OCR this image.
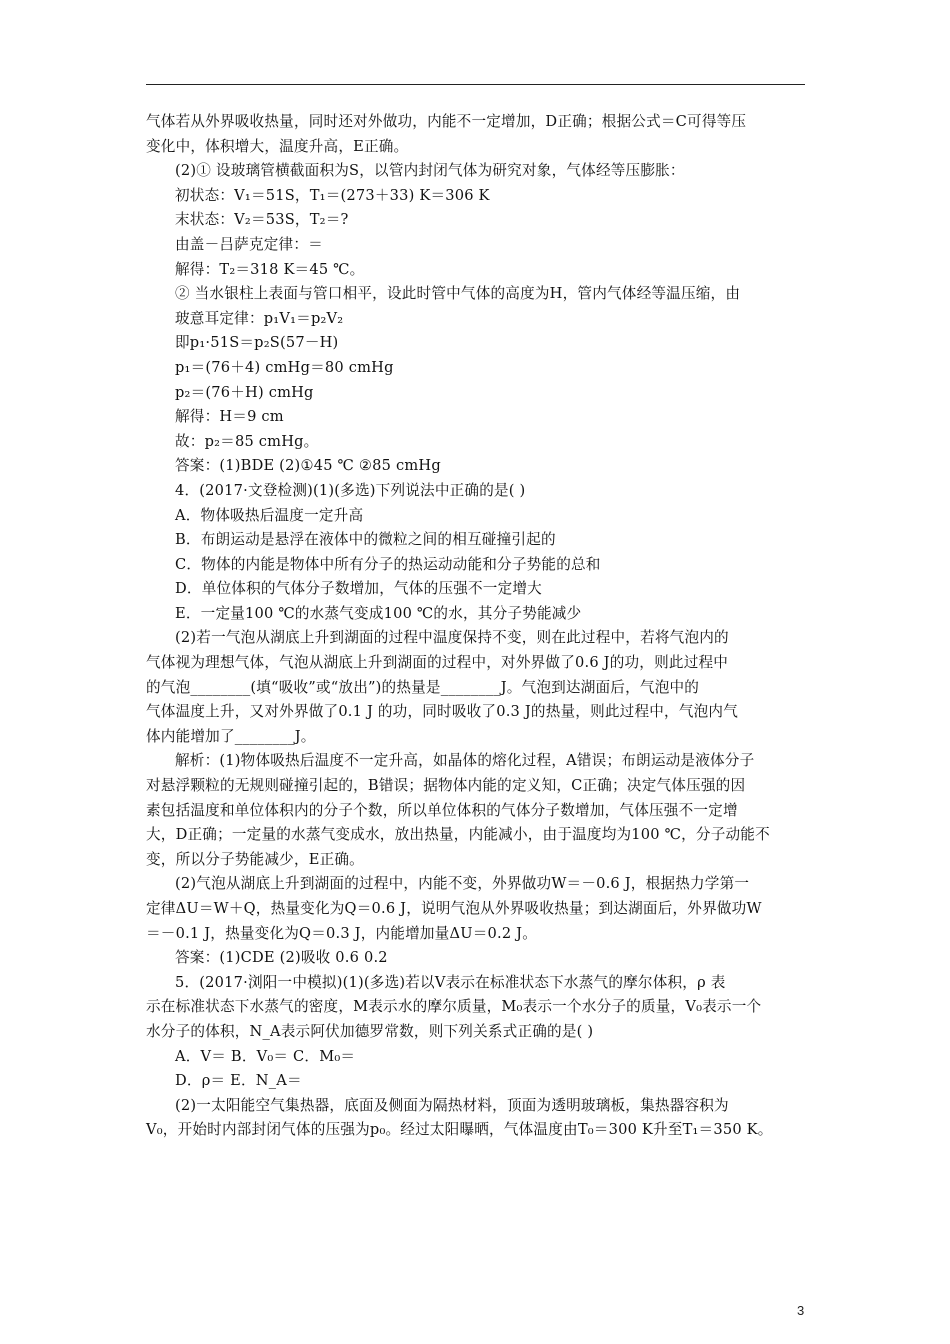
气体若从外界吸收热量，同时还对外做功，内能不一定增加，D正确；根据公式＝C可得等压
变化中，体积增大，温度升高，E正确。
(2)① 设玻璃管横截面积为S，以管内封闭气体为研究对象，气体经等压膨胀：
初状态：V₁＝51S，T₁＝(273＋33) K＝306 K
末状态：V₂＝53S，T₂＝?
由盖－吕萨克定律：＝
解得：T₂＝318 K＝45 ℃。
② 当水银柱上表面与管口相平，设此时管中气体的高度为H，管内气体经等温压缩，由
玻意耳定律：p₁V₁＝p₂V₂
即p₁·51S＝p₂S(57－H)
p₁＝(76＋4) cmHg＝80 cmHg
p₂＝(76＋H) cmHg
解得：H＝9 cm
故：p₂＝85 cmHg。
答案：(1)BDE (2)①45 ℃ ②85 cmHg
4．(2017·文登检测)(1)(多选)下列说法中正确的是( )
A．物体吸热后温度一定升高
B．布朗运动是悬浮在液体中的微粒之间的相互碰撞引起的
C．物体的内能是物体中所有分子的热运动动能和分子势能的总和
D．单位体积的气体分子数增加，气体的压强不一定增大
E．一定量100 ℃的水蒸气变成100 ℃的水，其分子势能减少
(2)若一气泡从湖底上升到湖面的过程中温度保持不变，则在此过程中，若将气泡内的
气体视为理想气体，气泡从湖底上升到湖面的过程中，对外界做了0.6 J的功，则此过程中
的气泡________(填“吸收”或“放出”)的热量是________J。气泡到达湖面后，气泡中的
气体温度上升，又对外界做了0.1 J 的功，同时吸收了0.3 J的热量，则此过程中，气泡内气
体内能增加了________J。
解析：(1)物体吸热后温度不一定升高，如晶体的熔化过程，A错误；布朗运动是液体分子
对悬浮颗粒的无规则碰撞引起的，B错误；据物体内能的定义知，C正确；决定气体压强的因
素包括温度和单位体积内的分子个数，所以单位体积的气体分子数增加，气体压强不一定增
大，D正确；一定量的水蒸气变成水，放出热量，内能减小，由于温度均为100 ℃，分子动能不
变，所以分子势能减少，E正确。
(2)气泡从湖底上升到湖面的过程中，内能不变，外界做功W＝－0.6 J，根据热力学第一
定律ΔU＝W＋Q，热量变化为Q＝0.6 J，说明气泡从外界吸收热量；到达湖面后，外界做功W
＝－0.1 J，热量变化为Q＝0.3 J，内能增加量ΔU＝0.2 J。
答案：(1)CDE (2)吸收 0.6 0.2
5．(2017·浏阳一中模拟)(1)(多选)若以V表示在标准状态下水蒸气的摩尔体积，ρ 表
示在标准状态下水蒸气的密度，M表示水的摩尔质量，M₀表示一个水分子的质量，V₀表示一个
水分子的体积，N_A表示阿伏加德罗常数，则下列关系式正确的是( )
A．V＝ B．V₀＝ C．M₀＝
D．ρ＝ E．N_A＝
(2)一太阳能空气集热器，底面及侧面为隔热材料，顶面为透明玻璃板，集热器容积为
V₀，开始时内部封闭气体的压强为p₀。经过太阳曝晒，气体温度由T₀＝300 K升至T₁＝350 K。
3
